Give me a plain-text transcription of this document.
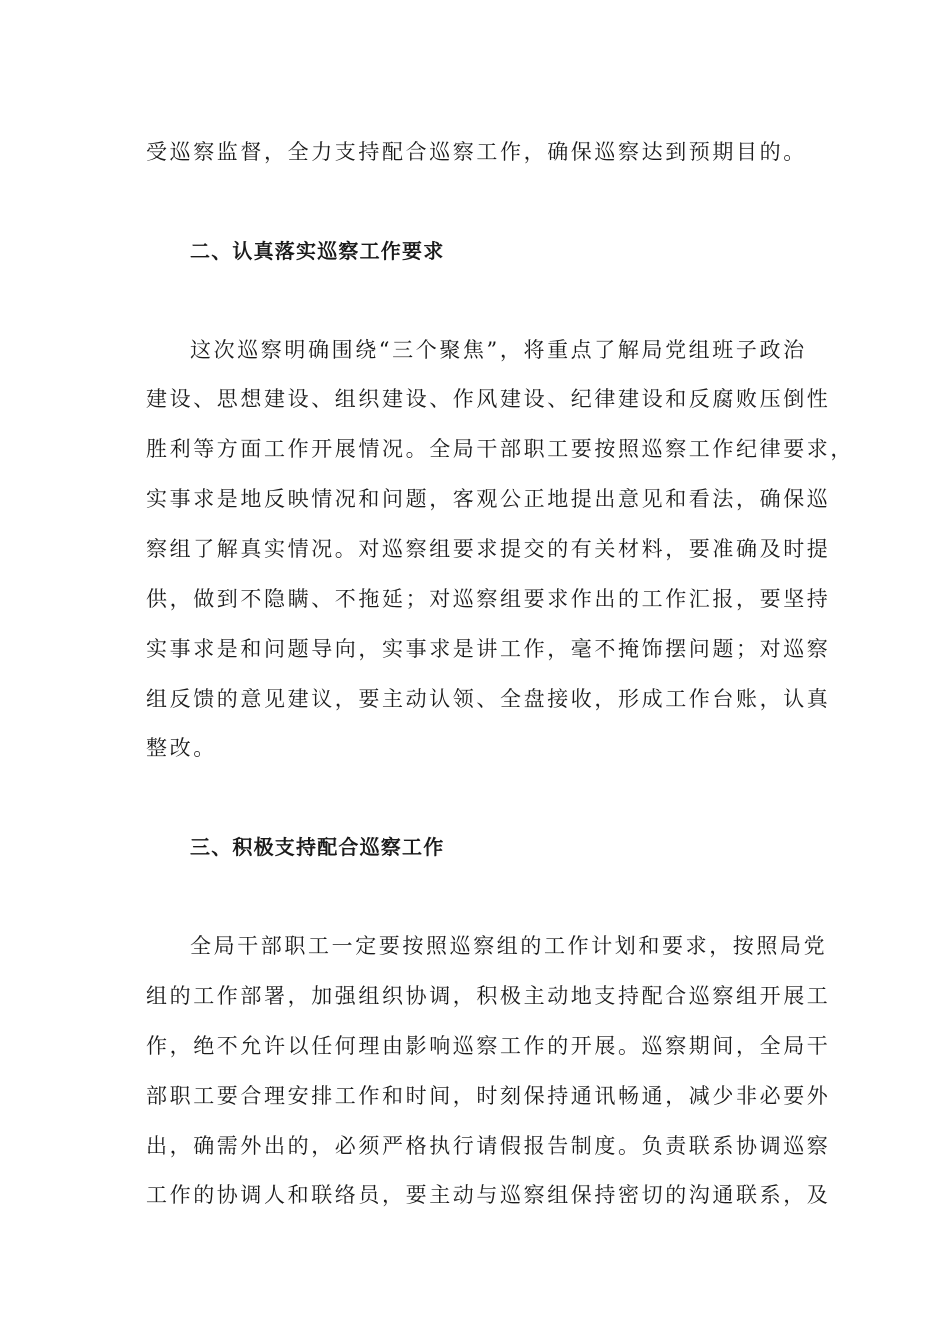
受巡察监督，全力支持配合巡察工作，确保巡察达到预期目的。
二、认真落实巡察工作要求
这次巡察明确围绕“三个聚焦”，将重点了解局党组班子政治
建设、思想建设、组织建设、作风建设、纪律建设和反腐败压倒性
胜利等方面工作开展情况。全局干部职工要按照巡察工作纪律要求，
实事求是地反映情况和问题，客观公正地提出意见和看法，确保巡
察组了解真实情况。对巡察组要求提交的有关材料，要准确及时提
供，做到不隐瞒、不拖延；对巡察组要求作出的工作汇报，要坚持
实事求是和问题导向，实事求是讲工作，毫不掩饰摆问题；对巡察
组反馈的意见建议，要主动认领、全盘接收，形成工作台账，认真
整改。
三、积极支持配合巡察工作
全局干部职工一定要按照巡察组的工作计划和要求，按照局党
组的工作部署，加强组织协调，积极主动地支持配合巡察组开展工
作，绝不允许以任何理由影响巡察工作的开展。巡察期间，全局干
部职工要合理安排工作和时间，时刻保持通讯畅通，减少非必要外
出，确需外出的，必须严格执行请假报告制度。负责联系协调巡察
工作的协调人和联络员，要主动与巡察组保持密切的沟通联系，及
